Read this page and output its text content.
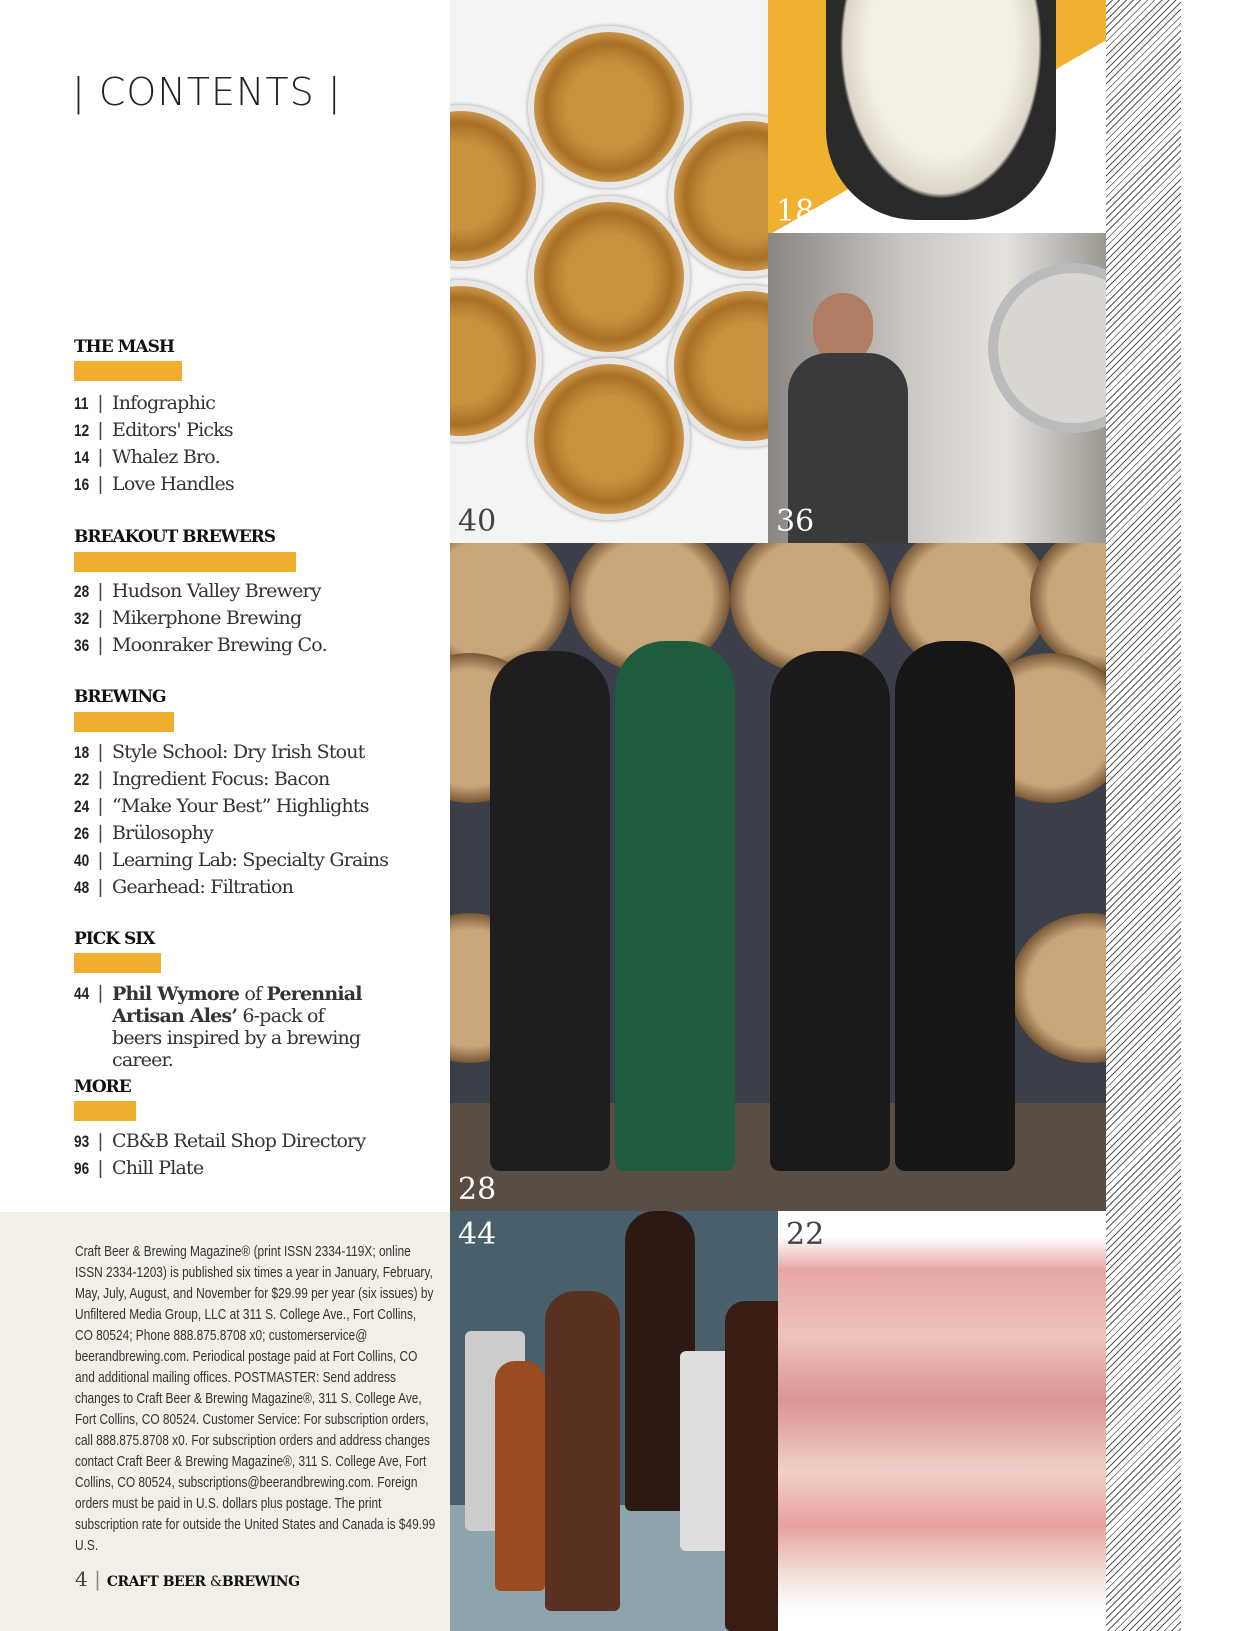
| CONTENTS |
THE MASH
11 | Infographic
12 | Editors' Picks
14 | Whalez Bro.
16 | Love Handles
BREAKOUT BREWERS
28 | Hudson Valley Brewery
32 | Mikerphone Brewing
36 | Moonraker Brewing Co.
BREWING
18 | Style School: Dry Irish Stout
22 | Ingredient Focus: Bacon
24 | “Make Your Best” Highlights
26 | Brülosophy
40 | Learning Lab: Specialty Grains
48 | Gearhead: Filtration
PICK SIX
44 | Phil Wymore of Perennial Artisan Ales’ 6-pack of beers inspired by a brewing career.
MORE
93 | CB&B Retail Shop Directory
96 | Chill Plate
Craft Beer & Brewing Magazine® (print ISSN 2334-119X; online ISSN 2334-1203) is published six times a year in January, February, May, July, August, and November for $29.99 per year (six issues) by Unfiltered Media Group, LLC at 311 S. College Ave., Fort Collins, CO 80524; Phone 888.875.8708 x0; customerservice@ beerandbrewing.com. Periodical postage paid at Fort Collins, CO and additional mailing offices. POSTMASTER: Send address changes to Craft Beer & Brewing Magazine®, 311 S. College Ave, Fort Collins, CO 80524. Customer Service: For subscription orders, call 888.875.8708 x0. For subscription orders and address changes contact Craft Beer & Brewing Magazine®, 311 S. College Ave, Fort Collins, CO 80524, subscriptions@beerandbrewing.com. Foreign orders must be paid in U.S. dollars plus postage. The print subscription rate for outside the United States and Canada is $49.99 U.S.
4 | CRAFT BEER &BREWING
40
18
36
28
44	22
